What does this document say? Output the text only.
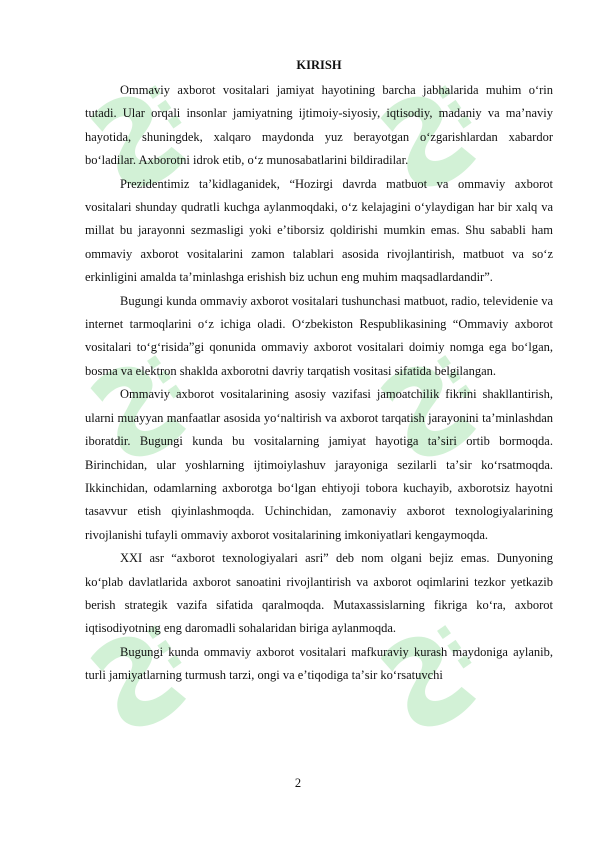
KIRISH

Ommaviy axborot vositalari jamiyat hayotining barcha jabhalarida muhim oʻrin tutadi. Ular orqali insonlar jamiyatning ijtimoiy-siyosiy, iqtisodiy, madaniy va maʼnaviy hayotida, shuningdek, xalqaro maydonda yuz berayotgan oʻzgarishlardan xabardor boʻladilar. Axborotni idrok etib, oʻz munosabatlarini bildiradilar.

Prezidentimiz taʼkidlaganidek, “Hozirgi davrda matbuot va ommaviy axborot vositalari shunday qudratli kuchga aylanmoqdaki, oʻz kelajagini oʻylaydigan har bir xalq va millat bu jarayonni sezmasligi yoki eʼtiborsiz qoldirishi mumkin emas. Shu sababli ham ommaviy axborot vositalarini zamon talablari asosida rivojlantirish, matbuot va soʻz erkinligini amalda taʼminlashga erishish biz uchun eng muhim maqsadlardandir”.

Bugungi kunda ommaviy axborot vositalari tushunchasi matbuot, radio, televidenie va internet tarmoqlarini oʻz ichiga oladi. Oʻzbekiston Respublikasining “Ommaviy axborot vositalari toʻgʻrisida”gi qonunida ommaviy axborot vositalari doimiy nomga ega boʻlgan, bosma va elektron shaklda axborotni davriy tarqatish vositasi sifatida belgilangan.

Ommaviy axborot vositalarining asosiy vazifasi jamoatchilik fikrini shakllantirish, ularni muayyan manfaatlar asosida yoʻnaltirish va axborot tarqatish jarayonini taʼminlashdan iboratdir. Bugungi kunda bu vositalarning jamiyat hayotiga taʼsiri ortib bormoqda. Birinchidan, ular yoshlarning ijtimoiylashuv jarayoniga sezilarli taʼsir koʻrsatmoqda. Ikkinchidan, odamlarning axborotga boʻlgan ehtiyoji tobora kuchayib, axborotsiz hayotni tasavvur etish qiyinlashmoqda. Uchinchidan, zamonaviy axborot texnologiyalarining rivojlanishi tufayli ommaviy axborot vositalarining imkoniyatlari kengaymoqda.

XXI asr “axborot texnologiyalari asri” deb nom olgani bejiz emas. Dunyoning koʻplab davlatlarida axborot sanoatini rivojlantirish va axborot oqimlarini tezkor yetkazib berish strategik vazifa sifatida qaralmoqda. Mutaxassislarning fikriga koʻra, axborot iqtisodiyotning eng daromadli sohalaridan biriga aylanmoqda.

Bugungi kunda ommaviy axborot vositalari mafkuraviy kurash maydoniga aylanib, turli jamiyatlarning turmush tarzi, ongi va eʼtiqodiga taʼsir koʻrsatuvchi

2
